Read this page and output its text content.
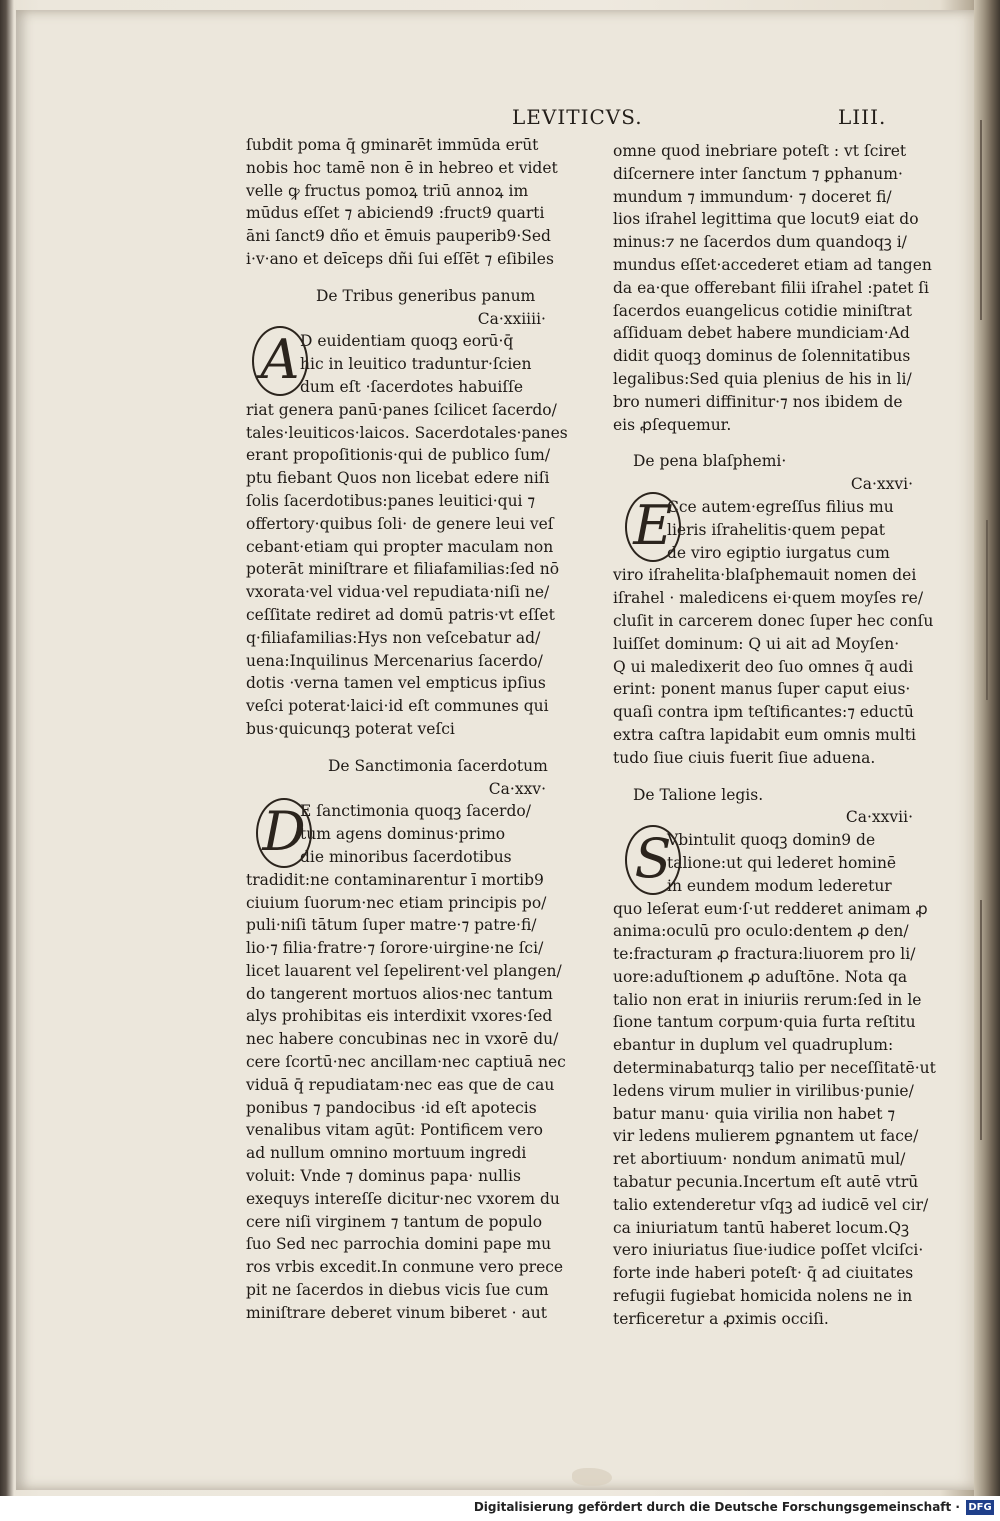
LEVITICVS.	LIII.
ſubdit poma q̄ gminarēt immūda erūt
nobis hoc tamē non ē in hebreo et videt
velle ꝙ fructus pomoꝝ triū annoꝝ im
mūdus eſſet ⁊ abiciend9 :fruct9 quarti
āni ſanct9 dño et ēmuis pauperib9·Sed
i·v·ano et deīceps dñi ſui eſſēt ⁊ eſibiles
De Tribus generibus panum
Ca·xxiiii·
A D euidentiam quoqꝫ eorū·q̄
hic in leuitico traduntur·ſcien
dum eſt ·ſacerdotes habuiſſe
riat genera panū·panes ſcilicet ſacerdo/
tales·leuiticos·laicos. Sacerdotales·panes
erant propoſitionis·qui de publico ſum/
ptu fiebant Quos non licebat edere niſi
ſolis ſacerdotibus:panes leuitici·qui ⁊
offertory·quibus ſoli· de genere leui veſ
cebant·etiam qui propter maculam non
poterāt miniſtrare et filiafamilias:ſed nō
vxorata·vel vidua·vel repudiata·niſi ne/
ceſſitate rediret ad domū patris·vt eſſet
q·filiafamilias:Hys non veſcebatur ad/
uena:Inquilinus Mercenarius ſacerdo/
dotis ·verna tamen vel empticus ipſius
veſci poterat·laici·id eſt communes qui
bus·quicunqꝫ poterat veſci
De Sanctimonia ſacerdotum
Ca·xxv·
D
E ſanctimonia quoqꝫ ſacerdo/
tum agens dominus·primo
die minoribus ſacerdotibus
tradidit:ne contaminarentur ī mortib9
ciuium ſuorum·nec etiam principis po/
puli·niſi tātum ſuper matre·⁊ patre·fi/
lio·⁊ filia·fratre·⁊ ſorore·uirgine·ne ſci/
licet lauarent vel ſepelirent·vel plangen/
do tangerent mortuos alios·nec tantum
alys prohibitas eis interdixit vxores·ſed
nec habere concubinas nec in vxorē du/
cere ſcortū·nec ancillam·nec captiuā nec
viduā q̄ repudiatam·nec eas que de cau
ponibus ⁊ pandocibus ·id eſt apotecis
venalibus vitam agūt: Pontificem vero
ad nullum omnino mortuum ingredi
voluit: Vnde ⁊ dominus papa· nullis
exequys intereſſe dicitur·nec vxorem du
cere niſi virginem ⁊ tantum de populo
ſuo Sed nec parrochia domini pape mu
ros vrbis excedit.In conmune vero prece
pit ne ſacerdos in diebus vicis ſue cum
miniſtrare deberet vinum biberet · aut
omne quod inebriare poteſt : vt ſciret
diſcernere inter ſanctum ⁊ ꝑphanum·
mundum ⁊ immundum· ⁊ doceret fi/
lios iſrahel legittima que locut9 eiat do
minus:⁊ ne ſacerdos dum quandoqꝫ i/
mundus eſſet·accederet etiam ad tangen
da ea·que offerebant filii iſrahel :patet ſi
ſacerdos euangelicus cotidie miniſtrat
aſſiduam debet habere mundiciam·Ad
didit quoqꝫ dominus de ſolennitatibus
legalibus:Sed quia plenius de his in li/
bro numeri diffinitur·⁊ nos ibidem de
eis ꝓſequemur.
De pena blaſphemi·
Ca·xxvi·
E
Cce autem·egreſſus filius mu
lieris iſrahelitis·quem pepat
de viro egiptio iurgatus cum
viro iſrahelita·blaſphemauit nomen dei
iſrahel · maledicens ei·quem moyſes re/
cluſit in carcerem donec ſuper hec conſu
luiſſet dominum: Q ui ait ad Moyſen·
Q ui maledixerit deo ſuo omnes q̄ audi
erint: ponent manus ſuper caput eius·
quaſi contra ipm teſtificantes:⁊ eductū
extra caſtra lapidabit eum omnis multi
tudo ſiue ciuis fuerit ſiue aduena.
De Talione legis.
Ca·xxvii·
S
Vbintulit quoqꝫ domin9 de
talione:ut qui lederet hominē
in eundem modum lederetur
quo leſerat eum·ſ·ut redderet animam ꝓ
anima:oculū pro oculo:dentem ꝓ den/
te:fracturam ꝓ fractura:liuorem pro li/
uore:aduſtionem ꝓ aduſtōne. Nota qa
talio non erat in iniuriis rerum:ſed in le
ſione tantum corpum·quia furta reſtitu
ebantur in duplum vel quadruplum:
determinabaturqꝫ talio per neceſſitatē·ut
ledens virum mulier in virilibus·punie/
batur manu· quia virilia non habet ⁊
vir ledens mulierem ꝑgnantem ut face/
ret abortiuum· nondum animatū mul/
tabatur pecunia.Incertum eſt autē vtrū
talio extenderetur vſqꝫ ad iudicē vel cir/
ca iniuriatum tantū haberet locum.Qꝫ
vero iniuriatus ſiue·iudice poſſet vlciſci·
forte inde haberi poteſt· q̄ ad ciuitates
refugii fugiebat homicida nolens ne in
terficeretur a ꝓximis occiſi.
Digitalisierung gefördert durch die Deutsche Forschungsgemeinschaft · DFG
